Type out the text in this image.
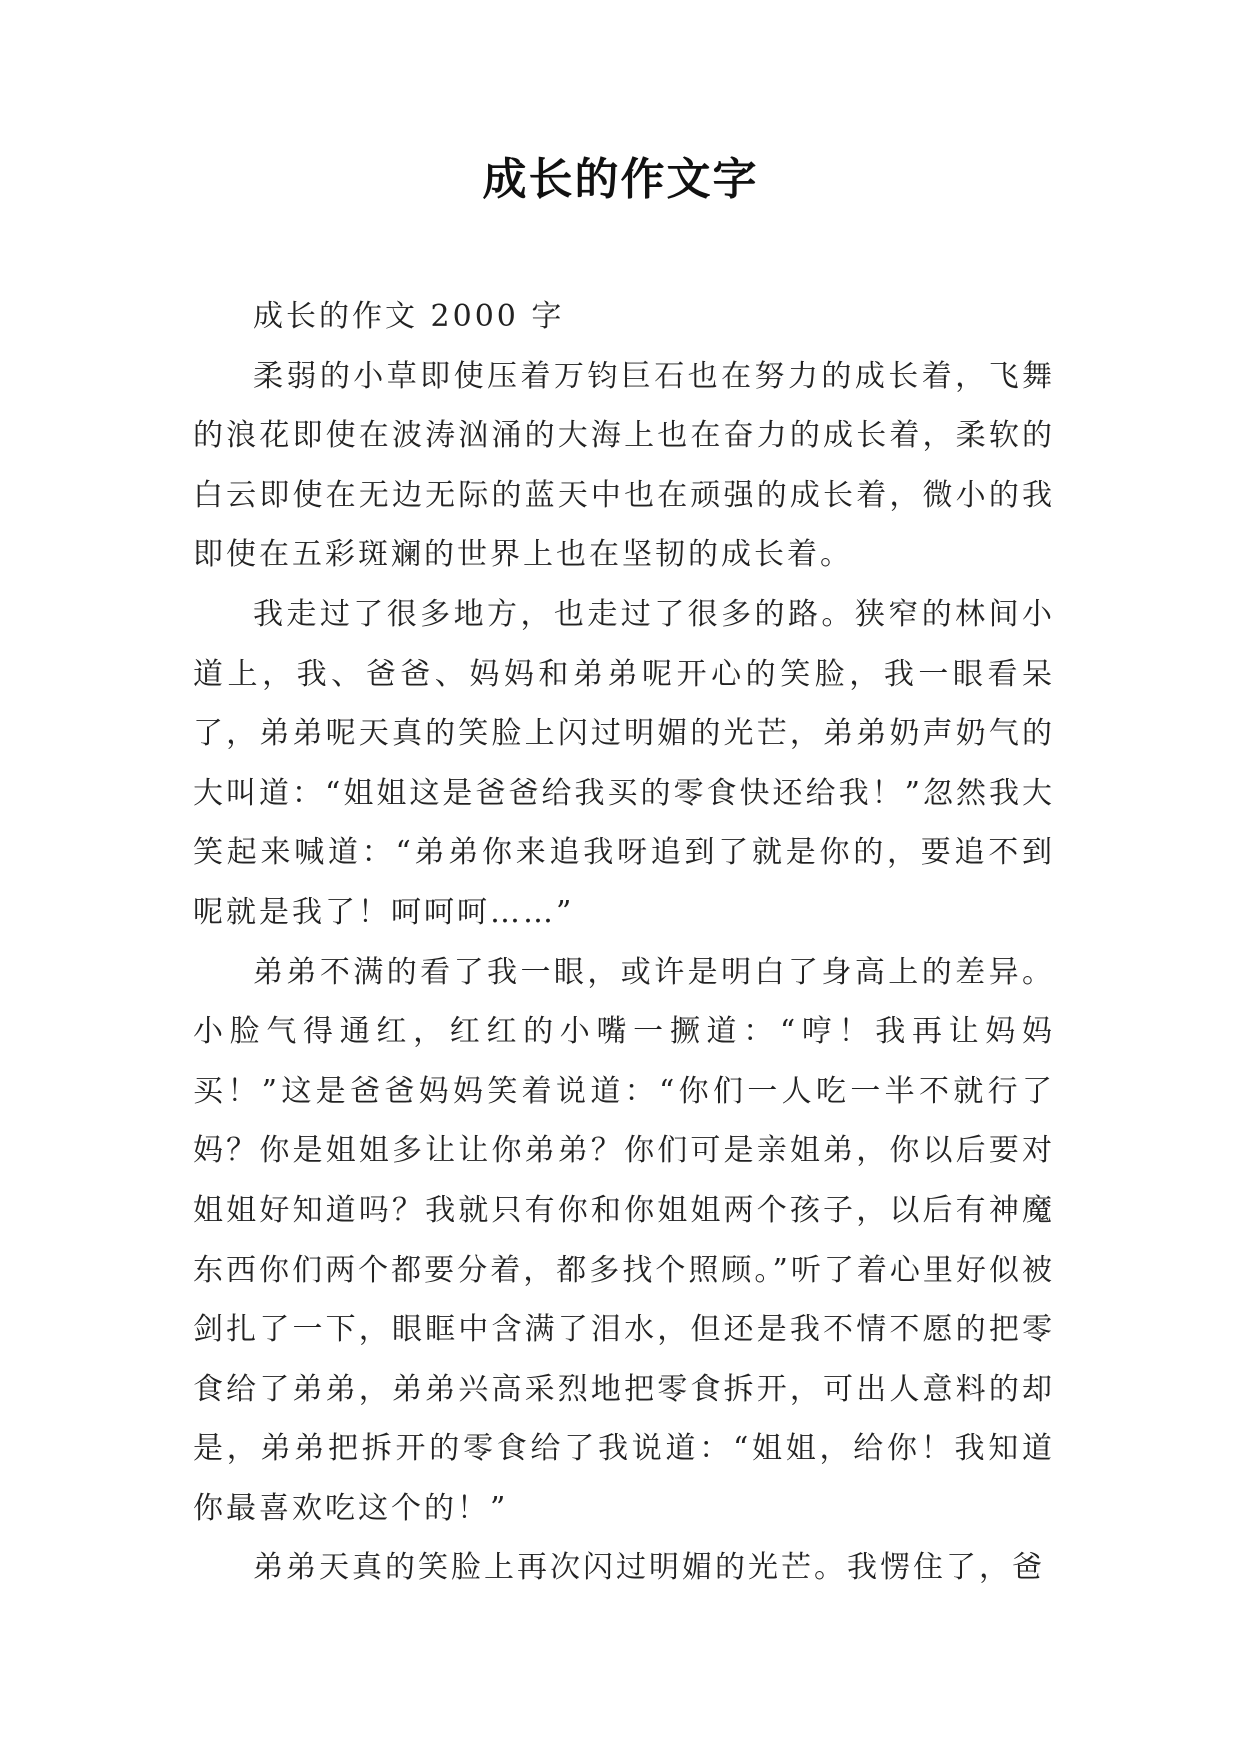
成长的作文字

成长的作文 2000 字

柔弱的小草即使压着万钧巨石也在努力的成长着，飞舞的浪花即使在波涛汹涌的大海上也在奋力的成长着，柔软的白云即使在无边无际的蓝天中也在顽强的成长着，微小的我即使在五彩斑斓的世界上也在坚韧的成长着。

我走过了很多地方，也走过了很多的路。狭窄的林间小道上，我、爸爸、妈妈和弟弟呢开心的笑脸，我一眼看呆了，弟弟呢天真的笑脸上闪过明媚的光芒，弟弟奶声奶气的大叫道：“姐姐这是爸爸给我买的零食快还给我！”忽然我大笑起来喊道：“弟弟你来追我呀追到了就是你的，要追不到呢就是我了！呵呵呵……”

弟弟不满的看了我一眼，或许是明白了身高上的差异。小脸气得通红，红红的小嘴一撅道：“哼！我再让妈妈买！”这是爸爸妈妈笑着说道：“你们一人吃一半不就行了妈？你是姐姐多让让你弟弟？你们可是亲姐弟，你以后要对姐姐好知道吗？我就只有你和你姐姐两个孩子，以后有神魔东西你们两个都要分着，都多找个照顾。”听了着心里好似被剑扎了一下，眼眶中含满了泪水，但还是我不情不愿的把零食给了弟弟，弟弟兴高采烈地把零食拆开，可出人意料的却是，弟弟把拆开的零食给了我说道：“姐姐，给你！我知道你最喜欢吃这个的！”

弟弟天真的笑脸上再次闪过明媚的光芒。我愣住了，爸
